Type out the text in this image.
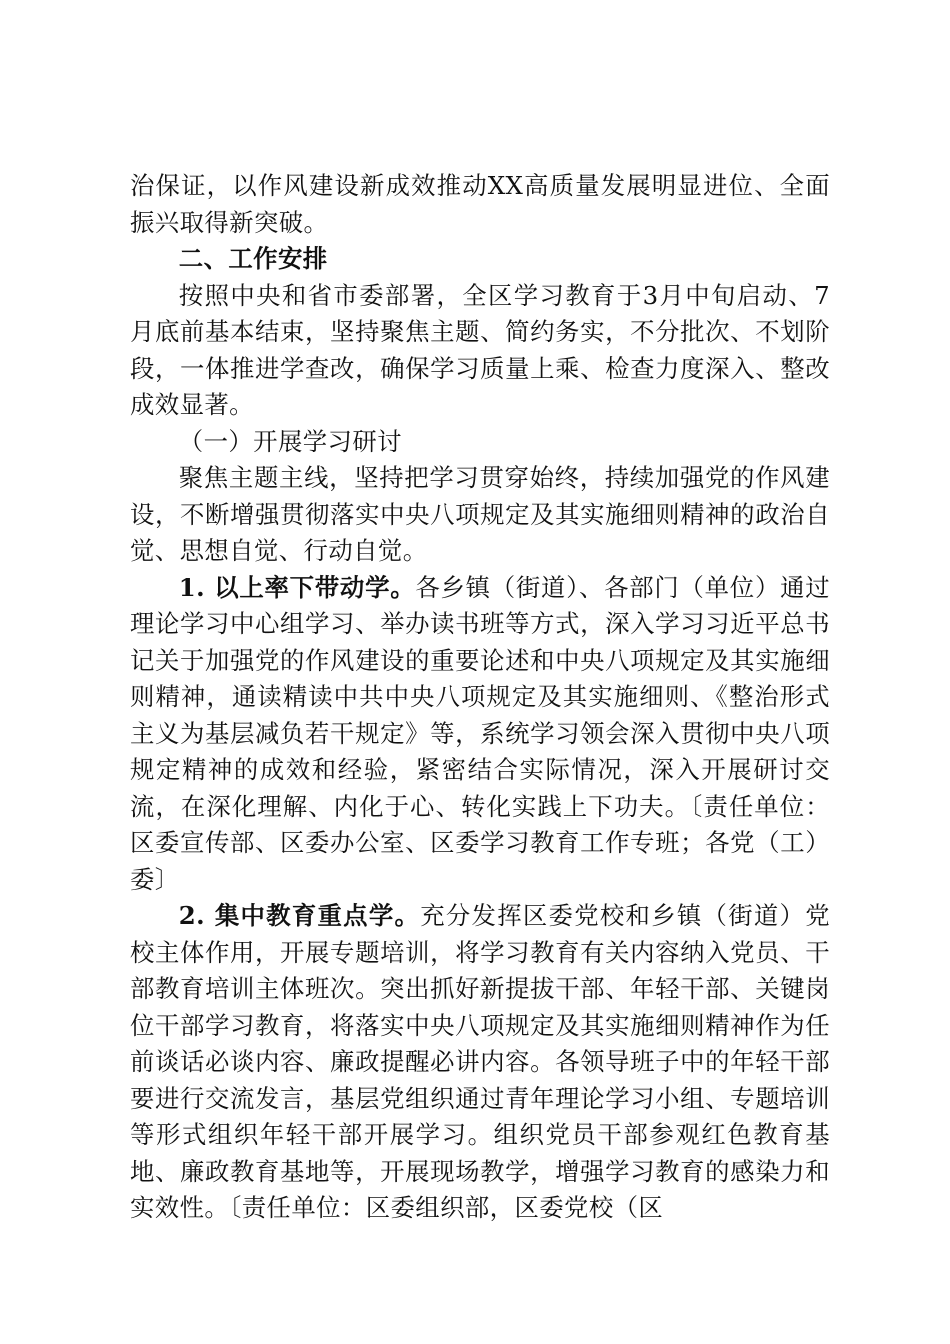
治保证，以作风建设新成效推动XX高质量发展明显进位、全面振兴取得新突破。

二、工作安排

按照中央和省市委部署，全区学习教育于3月中旬启动、7月底前基本结束，坚持聚焦主题、简约务实，不分批次、不划阶段，一体推进学查改，确保学习质量上乘、检查力度深入、整改成效显著。

（一）开展学习研讨

聚焦主题主线，坚持把学习贯穿始终，持续加强党的作风建设，不断增强贯彻落实中央八项规定及其实施细则精神的政治自觉、思想自觉、行动自觉。

1. 以上率下带动学。各乡镇（街道）、各部门（单位）通过理论学习中心组学习、举办读书班等方式，深入学习习近平总书记关于加强党的作风建设的重要论述和中央八项规定及其实施细则精神，通读精读中共中央八项规定及其实施细则、《整治形式主义为基层减负若干规定》等，系统学习领会深入贯彻中央八项规定精神的成效和经验，紧密结合实际情况，深入开展研讨交流，在深化理解、内化于心、转化实践上下功夫。〔责任单位：区委宣传部、区委办公室、区委学习教育工作专班；各党（工）委〕

2. 集中教育重点学。充分发挥区委党校和乡镇（街道）党校主体作用，开展专题培训，将学习教育有关内容纳入党员、干部教育培训主体班次。突出抓好新提拔干部、年轻干部、关键岗位干部学习教育，将落实中央八项规定及其实施细则精神作为任前谈话必谈内容、廉政提醒必讲内容。各领导班子中的年轻干部要进行交流发言，基层党组织通过青年理论学习小组、专题培训等形式组织年轻干部开展学习。组织党员干部参观红色教育基地、廉政教育基地等，开展现场教学，增强学习教育的感染力和实效性。〔责任单位：区委组织部，区委党校（区
